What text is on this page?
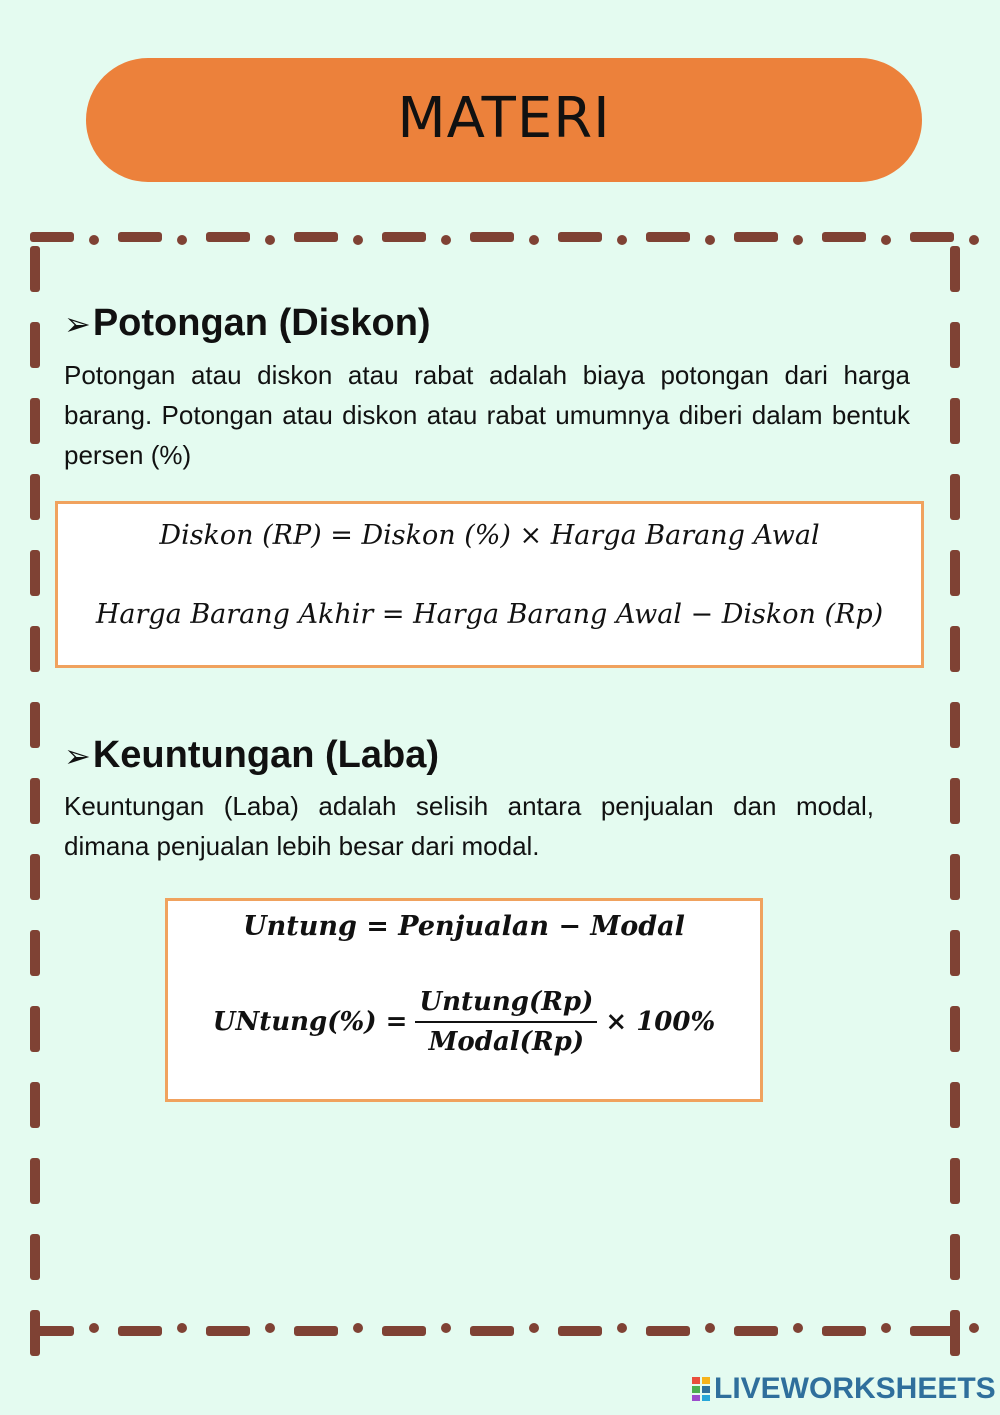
MATERI
➢ Potongan (Diskon)

Potongan atau diskon atau rabat adalah biaya potongan dari harga barang. Potongan atau diskon atau rabat umumnya diberi dalam bentuk persen (%)

Diskon (RP) = Diskon (%) × Harga Barang Awal
Harga Barang Akhir = Harga Barang Awal − Diskon (Rp)
➢ Keuntungan (Laba)

Keuntungan (Laba) adalah selisih antara penjualan dan modal, dimana penjualan lebih besar dari modal.

Untung = Penjualan − Modal
UNtung(%) = $\frac{\text{Untung(Rp)}}{\text{Modal(Rp)}} \times 100\%$
LIVEWORKSHEETS
